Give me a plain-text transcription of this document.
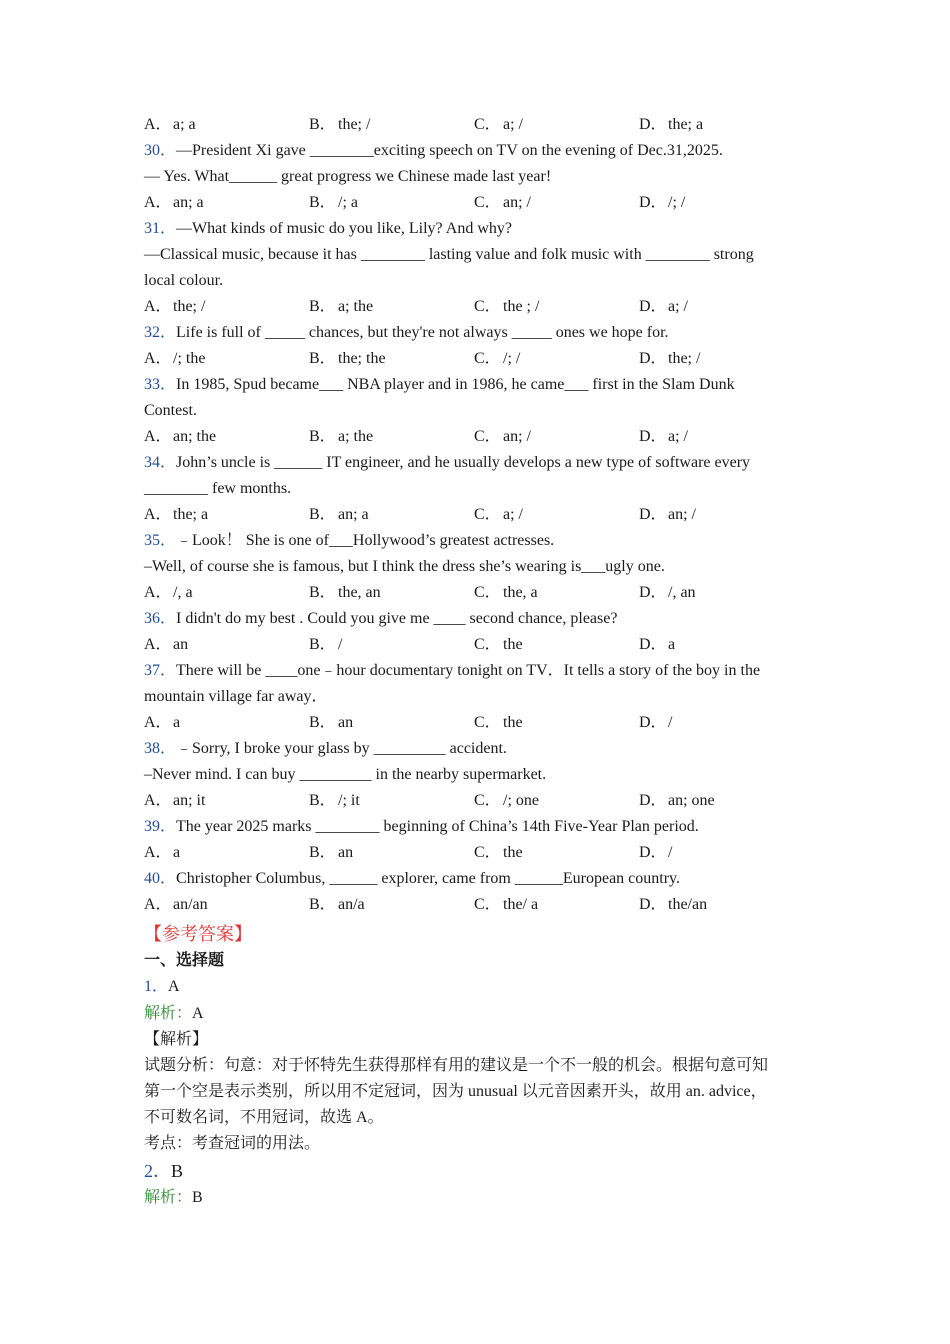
A．a; a	B． the; /	C． a; /	D．the; a
30．—President Xi gave ________exciting speech on TV on the evening of Dec.31,2025.
— Yes. What______ great progress we Chinese made last year!
A．an; a	B． /; a	C． an; /	D．/; /
31．—What kinds of music do you like, Lily? And why?
—Classical music, because it has ________ lasting value and folk music with ________ strong
local colour.
A．the; /	B． a; the	C． the ; /	D．a; /
32．Life is full of _____ chances, but they're not always _____ ones we hope for.
A．/; the	B． the; the	C． /; /	D．the; /
33．In 1985, Spud became___ NBA player and in 1986, he came___ first in the Slam Dunk
Contest.
A．an; the	B． a; the	C． an; /	D．a; /
34．John’s uncle is ______ IT engineer, and he usually develops a new type of software every
________ few months.
A．the; a	B． an; a	C． a; /	D．an; /
35．﹣Look！ She is one of___Hollywood’s greatest actresses.
–Well, of course she is famous, but I think the dress she’s wearing is___ugly one.
A．/, a	B． the, an	C． the, a	D．/, an
36．I didn't do my best . Could you give me ____ second chance, please?
A．an	B． /	C． the	D．a
37．There will be ____one﹣hour documentary tonight on TV．It tells a story of the boy in the
mountain village far away．
A．a	B． an	C． the	D．/
38．﹣Sorry, I broke your glass by _________ accident.
–Never mind. I can buy _________ in the nearby supermarket.
A．an; it	B． /; it	C． /; one	D．an; one
39．The year 2025 marks ________ beginning of China’s 14th Five-Year Plan period.
A．a	B． an	C． the	D．/
40．Christopher Columbus, ______ explorer, came from ______European country.
A．an/an	B． an/a	C． the/ a	D．the/an
【参考答案】
一、选择题
1．A
解析：A
【解析】
试题分析：句意：对于怀特先生获得那样有用的建议是一个不一般的机会。根据句意可知
第一个空是表示类别，所以用不定冠词，因为 unusual 以元音因素开头，故用 an. advice，
不可数名词，不用冠词，故选 A。
考点：考查冠词的用法。
2．B
解析：B
